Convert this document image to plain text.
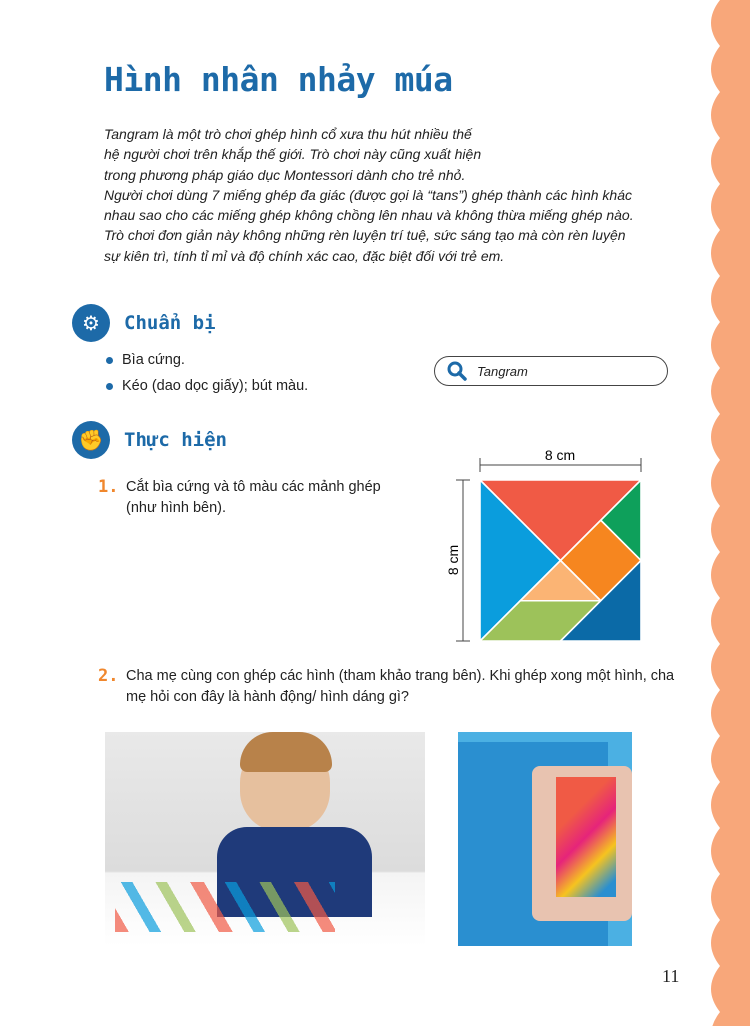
Hình nhân nhảy múa
Tangram là một trò chơi ghép hình cổ xưa thu hút nhiều thế
hệ người chơi trên khắp thế giới. Trò chơi này cũng xuất hiện
trong phương pháp giáo dục Montessori dành cho trẻ nhỏ.
Người chơi dùng 7 miếng ghép đa giác (được gọi là “tans”) ghép thành các hình khác
nhau sao cho các miếng ghép không chồng lên nhau và không thừa miếng ghép nào.
Trò chơi đơn giản này không những rèn luyện trí tuệ, sức sáng tạo mà còn rèn luyện
sự kiên trì, tính tỉ mỉ và độ chính xác cao, đặc biệt đối với trẻ em.
⚙	Chuẩn bị
Bìa cứng.
Kéo (dao dọc giấy); bút màu.
Tangram
✊	Thực hiện
1. Cắt bìa cứng và tô màu các mảnh ghép (như hình bên).
8 cm
8 cm
2. Cha mẹ cùng con ghép các hình (tham khảo trang bên). Khi ghép xong một hình, cha mẹ hỏi con đây là hành động/ hình dáng gì?
11
